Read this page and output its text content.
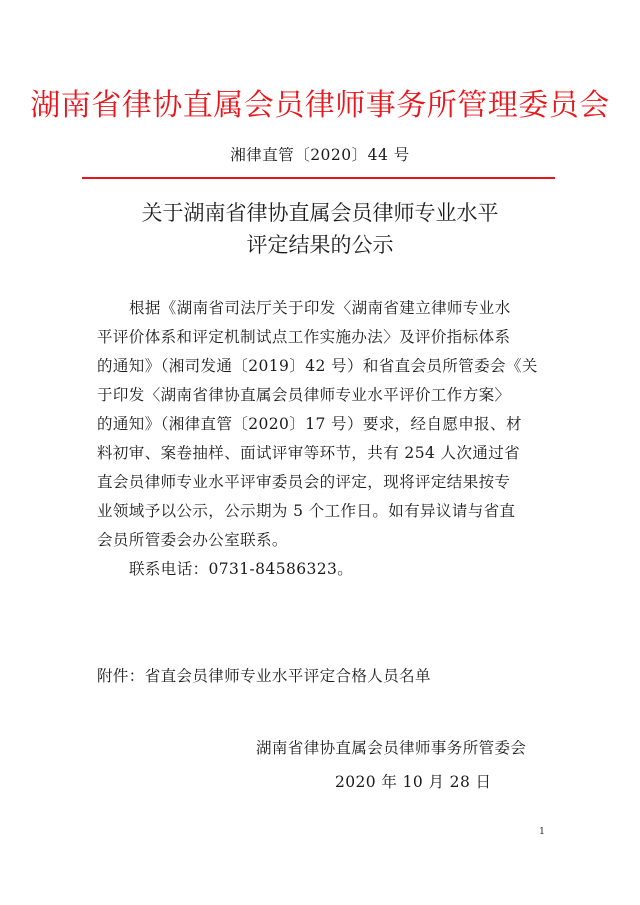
湖南省律协直属会员律师事务所管理委员会
湘律直管〔2020〕44 号
关于湖南省律协直属会员律师专业水平
评定结果的公示
根据《湖南省司法厅关于印发〈湖南省建立律师专业水
平评价体系和评定机制试点工作实施办法〉及评价指标体系
的通知》（湘司发通〔2019〕42 号）和省直会员所管委会《关
于印发〈湖南省律协直属会员律师专业水平评价工作方案〉
的通知》（湘律直管〔2020〕17 号）要求，经自愿申报、材
料初审、案卷抽样、面试评审等环节，共有 254 人次通过省
直会员律师专业水平评审委员会的评定，现将评定结果按专
业领域予以公示，公示期为 5 个工作日。如有异议请与省直
会员所管委会办公室联系。
联系电话：0731-84586323。
附件：省直会员律师专业水平评定合格人员名单
湖南省律协直属会员律师事务所管委会
2020 年 10 月 28 日
1
